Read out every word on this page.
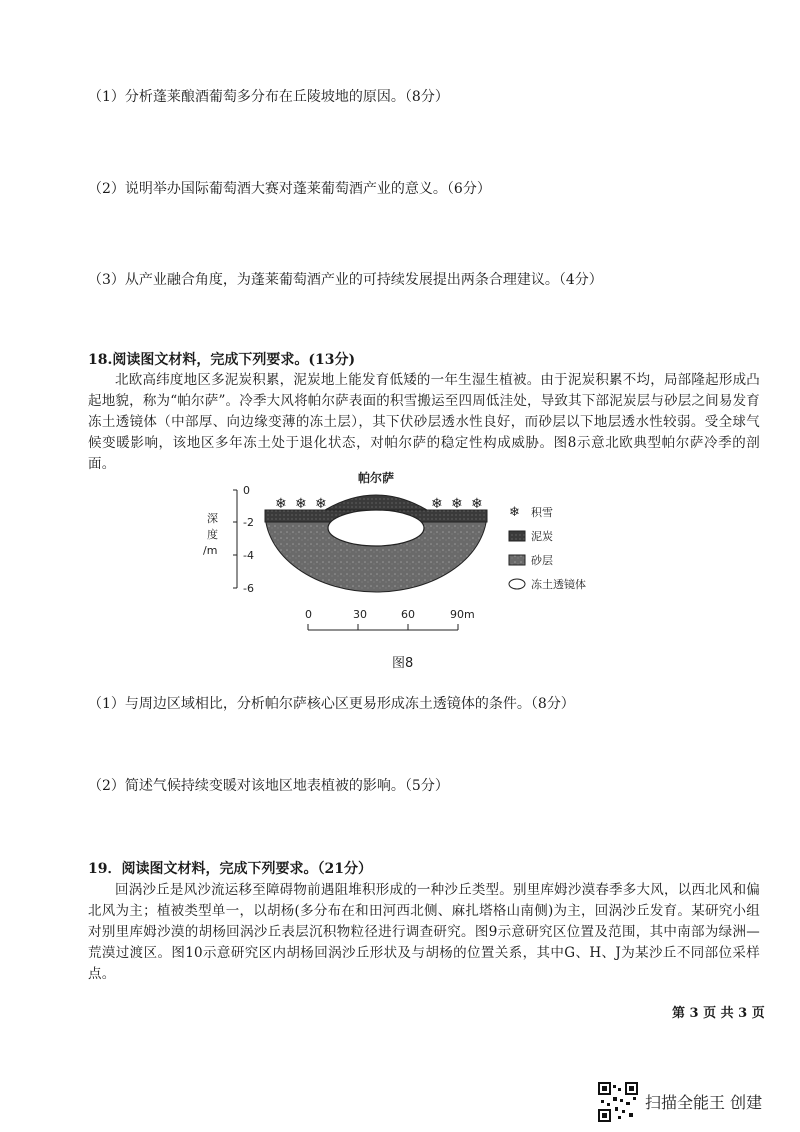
（1）分析蓬莱酿酒葡萄多分布在丘陵坡地的原因。（8分）
（2）说明举办国际葡萄酒大赛对蓬莱葡萄酒产业的意义。（6分）
（3）从产业融合角度，为蓬莱葡萄酒产业的可持续发展提出两条合理建议。（4分）
18.阅读图文材料，完成下列要求。(13分)

北欧高纬度地区多泥炭积累，泥炭地上能发育低矮的一年生湿生植被。由于泥炭积累不均，局部隆起形成凸起地貌，称为“帕尔萨”。冷季大风将帕尔萨表面的积雪搬运至四周低洼处，导致其下部泥炭层与砂层之间易发育冻土透镜体（中部厚、向边缘变薄的冻土层），其下伏砂层透水性良好，而砂层以下地层透水性较弱。受全球气候变暖影响，该地区多年冻土处于退化状态，对帕尔萨的稳定性构成威胁。图8示意北欧典型帕尔萨冷季的剖面。

0
-2
-4
-6
深
度
/m
❄ ❄ ❄	❄ ❄ ❄
帕尔萨
0	30	60	90m
❄ 积雪
泥炭
砂层
冻土透镜体
图8
（1）与周边区域相比，分析帕尔萨核心区更易形成冻土透镜体的条件。（8分）
（2）简述气候持续变暖对该地区地表植被的影响。（5分）
19．阅读图文材料，完成下列要求。（21分）

回涡沙丘是风沙流运移至障碍物前遇阻堆积形成的一种沙丘类型。别里库姆沙漠春季多大风，以西北风和偏北风为主；植被类型单一，以胡杨(多分布在和田河西北侧、麻扎塔格山南侧)为主，回涡沙丘发育。某研究小组对别里库姆沙漠的胡杨回涡沙丘表层沉积物粒径进行调查研究。图9示意研究区位置及范围，其中南部为绿洲—荒漠过渡区。图10示意研究区内胡杨回涡沙丘形状及与胡杨的位置关系，其中G、H、J为某沙丘不同部位采样点。

第 3 页 共 3 页
扫描全能王 创建
